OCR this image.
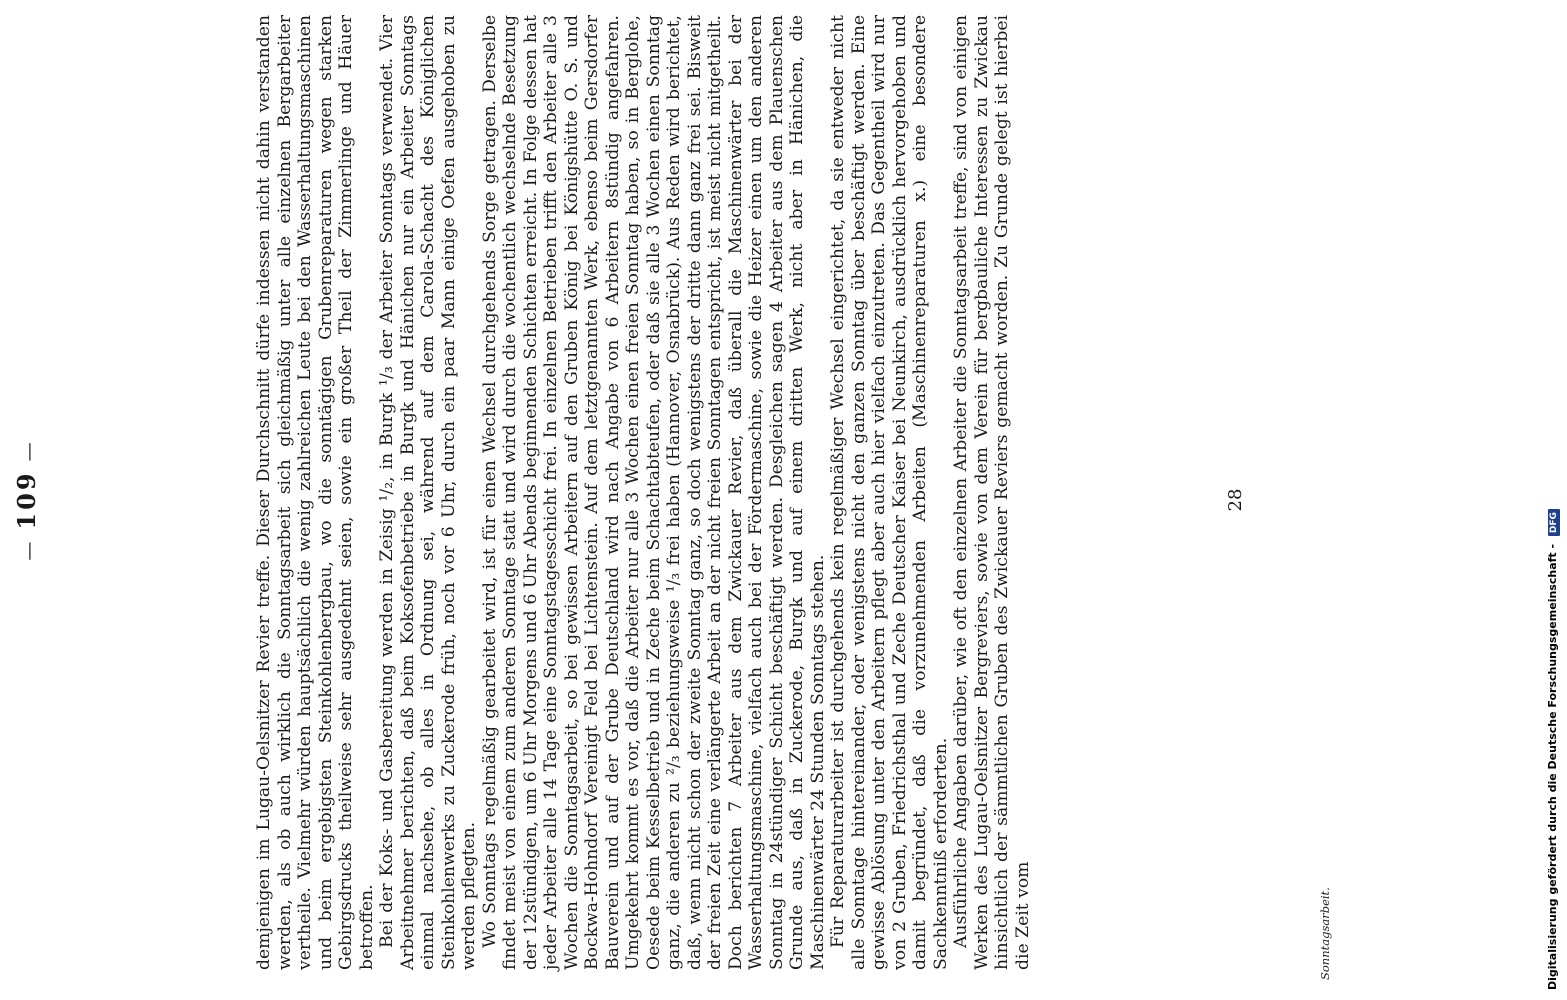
— 109 —	demjenigen im Lugau-Oelsnitzer Revier treffe. Dieser Durchschnitt dürfe indessen nicht dahin verstanden werden, als ob auch wirklich die Sonntagsarbeit sich gleichmäßig unter alle einzelnen Bergarbeiter vertheile. Vielmehr würden hauptsächlich die wenig zahlreichen Leute bei den Wasserhaltungsmaschinen und beim ergebigsten Steinkohlenbergbau, wo die sonntägigen Grubenreparaturen wegen starken Gebirgsdrucks theilweise sehr ausgedehnt seien, sowie ein großer Theil der Zimmerlinge und Häuer betroffen. Bei der Koks- und Gasbereitung werden in Zeisig ¹/₂, in Burgk ¹/₃ der Arbeiter Sonntags verwendet. Vier Arbeitnehmer berichten, daß beim Koksofenbetriebe in Burgk und Hänichen nur ein Arbeiter Sonntags einmal nachsehe, ob alles in Ordnung sei, während auf dem Carola-Schacht des Königlichen Steinkohlenwerks zu Zuckerode früh, noch vor 6 Uhr, durch ein paar Mann einige Oefen ausgehoben zu werden pflegten. Wo Sonntags regelmäßig gearbeitet wird, ist für einen Wechsel durchgehends Sorge getragen. Derselbe findet meist von einem zum anderen Sonntage statt und wird durch die wochentlich wechselnde Besetzung der 12stündigen, um 6 Uhr Morgens und 6 Uhr Abends beginnenden Schichten erreicht. In Folge dessen hat jeder Arbeiter alle 14 Tage eine Sonntagstagesschicht frei. In einzelnen Betrieben trifft den Arbeiter alle 3 Wochen die Sonntagsarbeit, so bei gewissen Arbeitern auf den Gruben König bei Königshütte O. S. und Bockwa-Hohndorf Vereinigt Feld bei Lichtenstein. Auf dem letztgenannten Werk, ebenso beim Gersdorfer Bauverein und auf der Grube Deutschland wird nach Angabe von 6 Arbeitern 8stündig angefahren. Umgekehrt kommt es vor, daß die Arbeiter nur alle 3 Wochen einen freien Sonntag haben, so in Berglohe, Oesede beim Kesselbetrieb und in Zeche beim Schachtabteufen, oder daß sie alle 3 Wochen einen Sonntag ganz, die anderen zu ²/₃ beziehungsweise ¹/₃ frei haben (Hannover, Osnabrück). Aus Reden wird berichtet, daß, wenn nicht schon der zweite Sonntag ganz, so doch wenigstens der dritte dann ganz frei sei. Bisweit der freien Zeit eine verlängerte Arbeit an der nicht freien Sonntagen entspricht, ist meist nicht mitgetheilt. Doch berichten 7 Arbeiter aus dem Zwickauer Revier, daß überall die Maschinenwärter bei der Wasserhaltungsmaschine, vielfach auch bei der Fördermaschine, sowie die Heizer einen um den anderen Sonntag in 24stündiger Schicht beschäftigt werden. Desgleichen sagen 4 Arbeiter aus dem Plauenschen Grunde aus, daß in Zuckerode, Burgk und auf einem dritten Werk, nicht aber in Hänichen, die Maschinenwärter 24 Stunden Sonntags stehen. Für Reparaturarbeiter ist durchgehends kein regelmäßiger Wechsel eingerichtet, da sie entweder nicht alle Sonntage hintereinander, oder wenigstens nicht den ganzen Sonntag über beschäftigt werden. Eine gewisse Ablösung unter den Arbeitern pflegt aber auch hier vielfach einzutreten. Das Gegentheil wird nur von 2 Gruben, Friedrichsthal und Zeche Deutscher Kaiser bei Neunkirch, ausdrücklich hervorgehoben und damit begründet, daß die vorzunehmenden Arbeiten (Maschinenreparaturen x.) eine besondere Sachkenntniß erforderten. Ausführliche Angaben darüber, wie oft den einzelnen Arbeiter die Sonntagsarbeit treffe, sind von einigen Werken des Lugau-Oelsnitzer Bergreviers, sowie von dem Verein für bergbauliche Interessen zu Zwickau hinsichtlich der sämmtlichen Gruben des Zwickauer Reviers gemacht worden. Zu Grunde gelegt ist hierbei die Zeit vom

28
Sonntagsarbeit.	Digitalisierung gefördert durch die Deutsche Forschungsgemeinschaft - DFG
